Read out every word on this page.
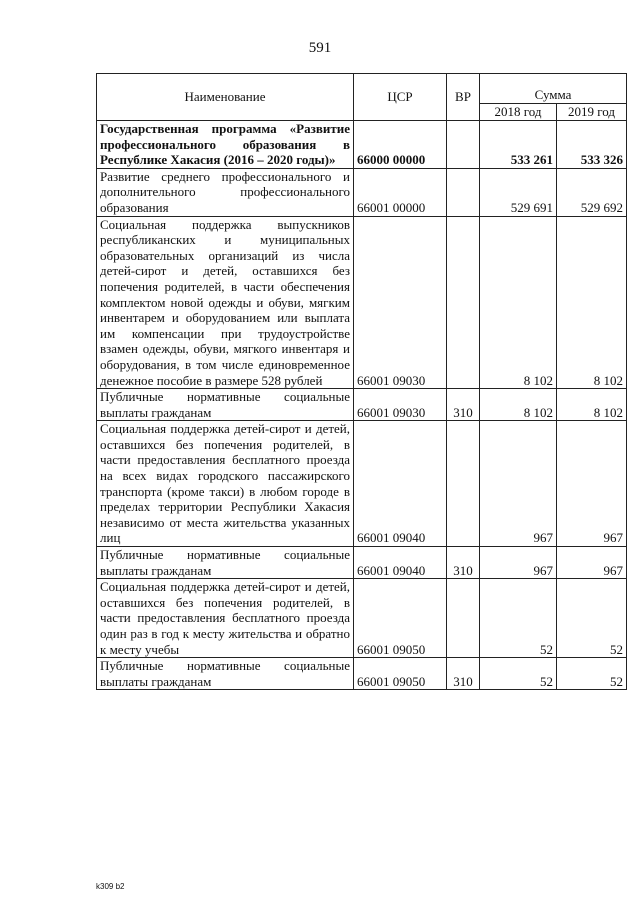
591
Наименование	ЦСР	ВР	Сумма	
			2018 год	2019 год
Государственная программа «Развитие профессионального образования в Республике Хакасия (2016 – 2020 годы)»	66000 00000		533 261	533 326
Развитие среднего профессионального и дополнительного профессионального образования	66001 00000		529 691	529 692
Социальная поддержка выпускников республиканских и муниципальных образовательных организаций из числа детей-сирот и детей, оставшихся без попечения родителей, в части обеспечения комплектом новой одежды и обуви, мягким инвентарем и оборудованием или выплата им компенсации при трудоустройстве взамен одежды, обуви, мягкого инвентаря и оборудования, в том числе единовременное денежное пособие в размере 528 рублей	66001 09030		8 102	8 102
Публичные нормативные социальные выплаты гражданам	66001 09030	310	8 102	8 102
Социальная поддержка детей-сирот и детей, оставшихся без попечения родителей, в части предоставления бесплатного проезда на всех видах городского пассажирского транспорта (кроме такси) в любом городе в пределах территории Республики Хакасия независимо от места жительства указанных лиц	66001 09040		967	967
Публичные нормативные социальные выплаты гражданам	66001 09040	310	967	967
Социальная поддержка детей-сирот и детей, оставшихся без попечения родителей, в части предоставления бесплатного проезда один раз в год к месту жительства и обратно к месту учебы	66001 09050		52	52
Публичные нормативные социальные выплаты гражданам	66001 09050	310	52	52
k309 b2
